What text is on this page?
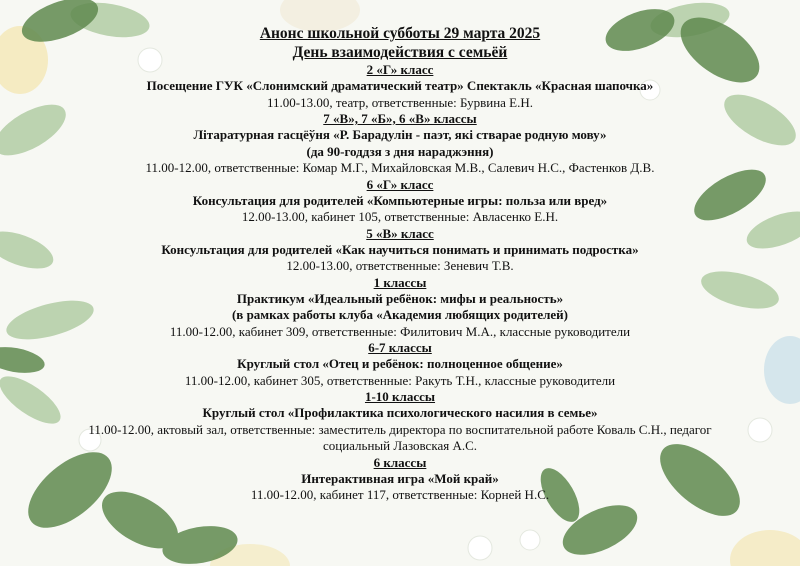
Анонс школьной субботы 29 марта 2025
День взаимодействия с семьёй
2 «Г» класс
Посещение ГУК «Слонимский драматический театр» Спектакль «Красная шапочка»
11.00-13.00, театр, ответственные: Бурвина Е.Н.
7 «В», 7 «Б», 6 «В» классы
Літаратурная гасцёўня «Р. Барадулін - паэт, які стварае родную мову»
(да 90-годдзя з дня нараджэння)
11.00-12.00, ответственные: Комар М.Г., Михайловская М.В., Салевич Н.С., Фастенков Д.В.
6 «Г» класс
Консультация для родителей «Компьютерные игры: польза или вред»
12.00-13.00, кабинет 105, ответственные: Авласенко Е.Н.
5 «В» класс
Консультация для родителей «Как научиться понимать и принимать подростка»
12.00-13.00, ответственные: Зеневич Т.В.
1 классы
Практикум «Идеальный ребёнок: мифы и реальность»
(в рамках работы клуба «Академия любящих родителей)
11.00-12.00, кабинет 309, ответственные: Филитович М.А., классные руководители
6-7 классы
Круглый стол «Отец и ребёнок: полноценное общение»
11.00-12.00, кабинет 305, ответственные: Ракуть Т.Н., классные руководители
1-10 классы
Круглый стол «Профилактика психологического насилия в семье»
11.00-12.00, актовый зал, ответственные: заместитель директора по воспитательной работе Коваль С.Н., педагог
социальный Лазовская А.С.
6 классы
Интерактивная игра «Мой край»
11.00-12.00, кабинет 117, ответственные: Корней Н.С.
